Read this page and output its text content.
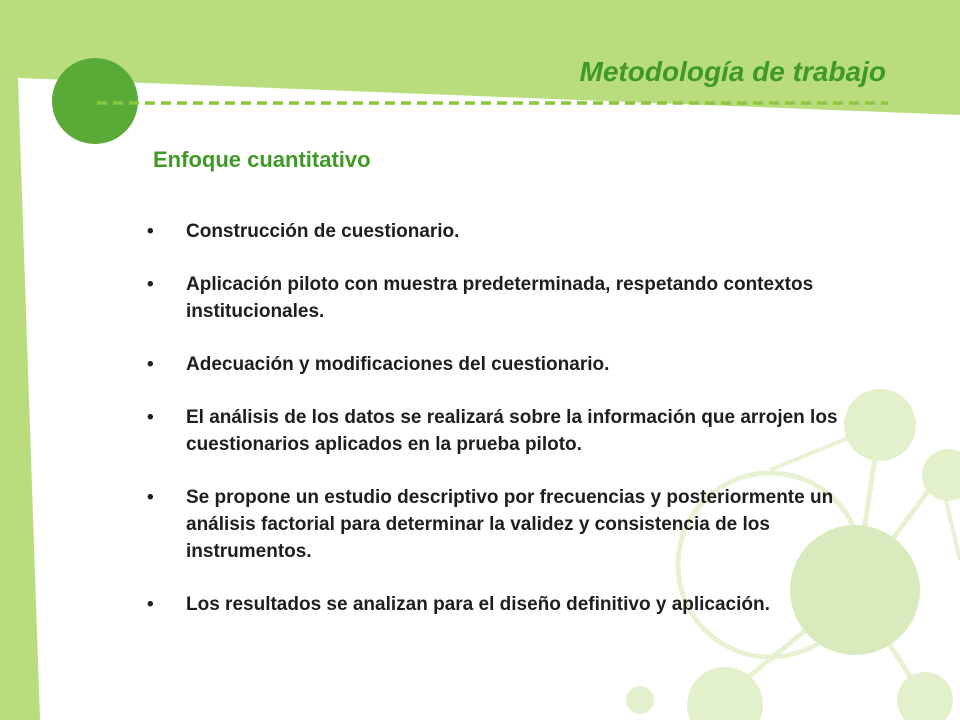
Metodología de trabajo
Enfoque cuantitativo
• Construcción de cuestionario.
• Aplicación piloto con muestra predeterminada, respetando contextos institucionales.
• Adecuación y modificaciones del cuestionario.
• El análisis de los datos se realizará sobre la información que arrojen los cuestionarios aplicados en la prueba piloto.
• Se propone un estudio descriptivo por frecuencias y posteriormente un análisis factorial para determinar la validez y consistencia de los instrumentos.
• Los resultados se analizan para el diseño definitivo y aplicación.
